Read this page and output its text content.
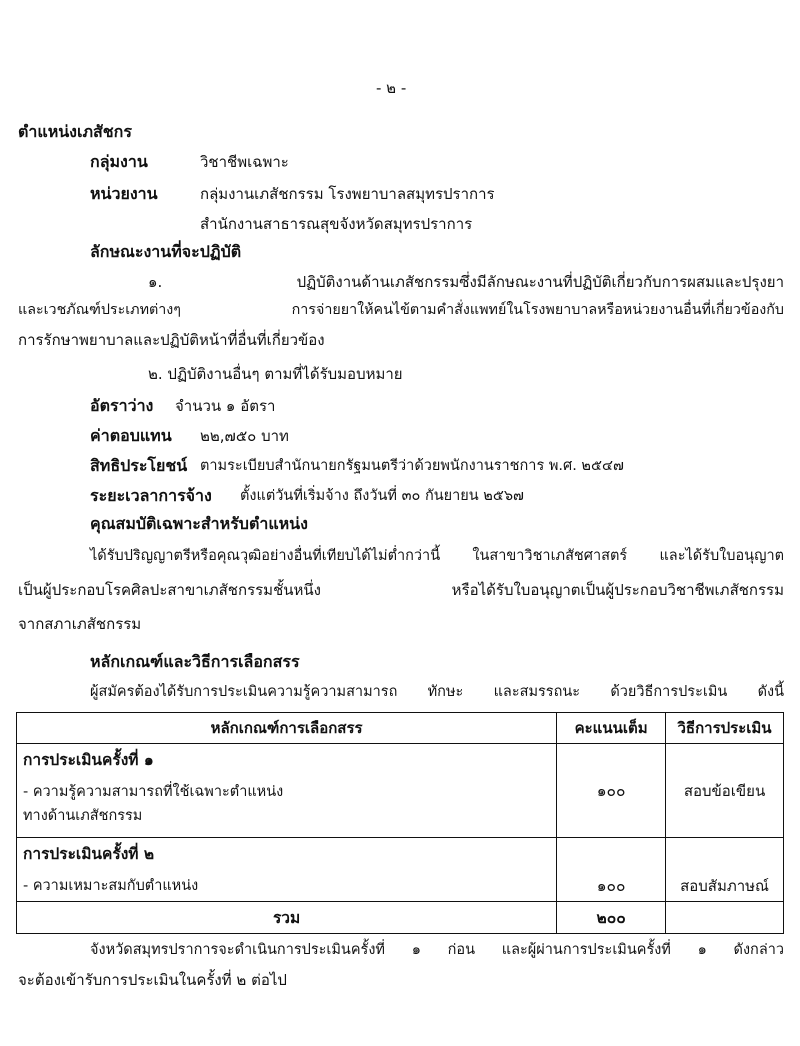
- ๒ -
ตำแหน่งเภสัชกร
กลุ่มงาน	วิชาชีพเฉพาะ
หน่วยงาน	กลุ่มงานเภสัชกรรม โรงพยาบาลสมุทรปราการ
สำนักงานสาธารณสุขจังหวัดสมุทรปราการ
ลักษณะงานที่จะปฏิบัติ
๑. ปฏิบัติงานด้านเภสัชกรรมซึ่งมีลักษณะงานที่ปฏิบัติเกี่ยวกับการผสมและปรุงยา
และเวชภัณฑ์ประเภทต่างๆ การจ่ายยาให้คนไข้ตามคำสั่งแพทย์ในโรงพยาบาลหรือหน่วยงานอื่นที่เกี่ยวข้องกับ
การรักษาพยาบาลและปฏิบัติหน้าที่อื่นที่เกี่ยวข้อง
๒. ปฏิบัติงานอื่นๆ ตามที่ได้รับมอบหมาย
อัตราว่าง จำนวน ๑ อัตรา
ค่าตอบแทน ๒๒,๗๕๐ บาท
สิทธิประโยชน์ ตามระเบียบสำนักนายกรัฐมนตรีว่าด้วยพนักงานราชการ พ.ศ. ๒๕๔๗
ระยะเวลาการจ้าง ตั้งแต่วันที่เริ่มจ้าง ถึงวันที่ ๓๐ กันยายน ๒๕๖๗
คุณสมบัติเฉพาะสำหรับตำแหน่ง
ได้รับปริญญาตรีหรือคุณวุฒิอย่างอื่นที่เทียบได้ไม่ต่ำกว่านี้ ในสาขาวิชาเภสัชศาสตร์ และได้รับใบอนุญาต
เป็นผู้ประกอบโรคศิลปะสาขาเภสัชกรรมชั้นหนึ่ง หรือได้รับใบอนุญาตเป็นผู้ประกอบวิชาชีพเภสัชกรรม
จากสภาเภสัชกรรม
หลักเกณฑ์และวิธีการเลือกสรร
ผู้สมัครต้องได้รับการประเมินความรู้ความสามารถ ทักษะ และสมรรถนะ ด้วยวิธีการประเมิน ดังนี้
หลักเกณฑ์การเลือกสรร	คะแนนเต็ม	วิธีการประเมิน

การประเมินครั้งที่ ๑
- ความรู้ความสามารถที่ใช้เฉพาะตำแหน่ง
ทางด้านเภสัชกรรม	๑๐๐	สอบข้อเขียน

การประเมินครั้งที่ ๒
- ความเหมาะสมกับตำแหน่ง	๑๐๐	สอบสัมภาษณ์
รวม	๒๐๐	
จังหวัดสมุทรปราการจะดำเนินการประเมินครั้งที่ ๑ ก่อน และผู้ผ่านการประเมินครั้งที่ ๑ ดังกล่าว
จะต้องเข้ารับการประเมินในครั้งที่ ๒ ต่อไป
